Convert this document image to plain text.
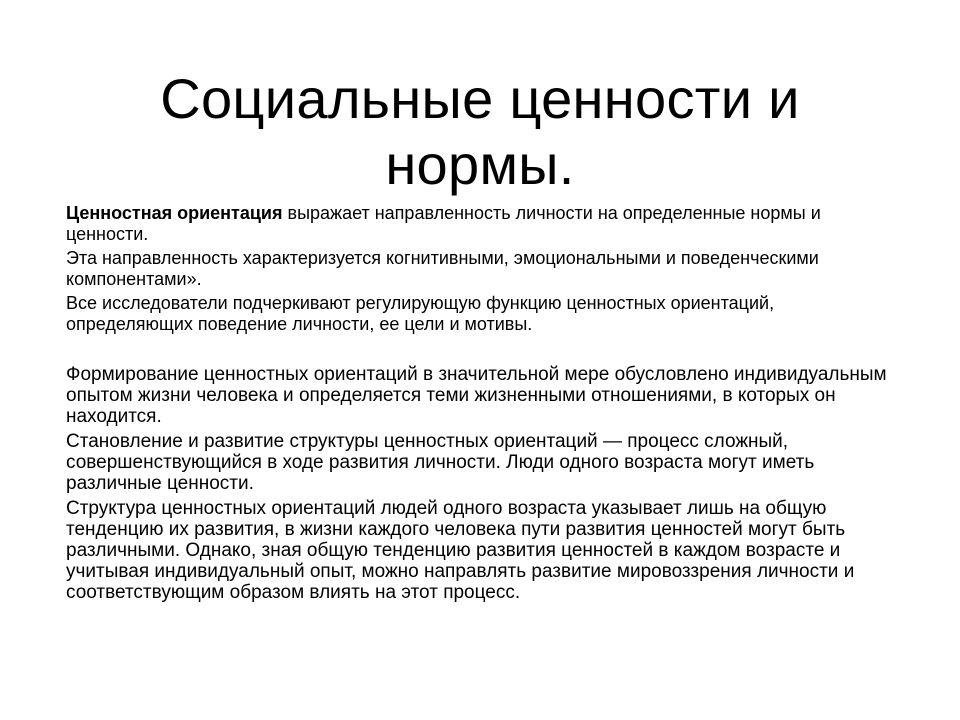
Социальные ценности и нормы.

Ценностная ориентация выражает направленность личности на определенные нормы и ценности.

Эта направленность характеризуется когнитивными, эмоциональными и поведенческими компонентами».

Все исследователи подчеркивают регулирующую функцию ценностных ориентаций, определяющих поведение личности, ее цели и мотивы.

Формирование ценностных ориентаций в значительной мере обусловлено индивидуальным опытом жизни человека и определяется теми жизненными отношениями, в которых он находится.

Становление и развитие структуры ценностных ориентаций — процесс сложный, совершенствующийся в ходе развития личности. Люди одного возраста могут иметь различные ценности.

Структура ценностных ориентаций людей одного возраста указывает лишь на общую тенденцию их развития, в жизни каждого человека пути развития ценностей могут быть различными. Однако, зная общую тенденцию развития ценностей в каждом возрасте и учитывая индивидуальный опыт, можно направлять развитие мировоззрения личности и соответствующим образом влиять на этот процесс.
